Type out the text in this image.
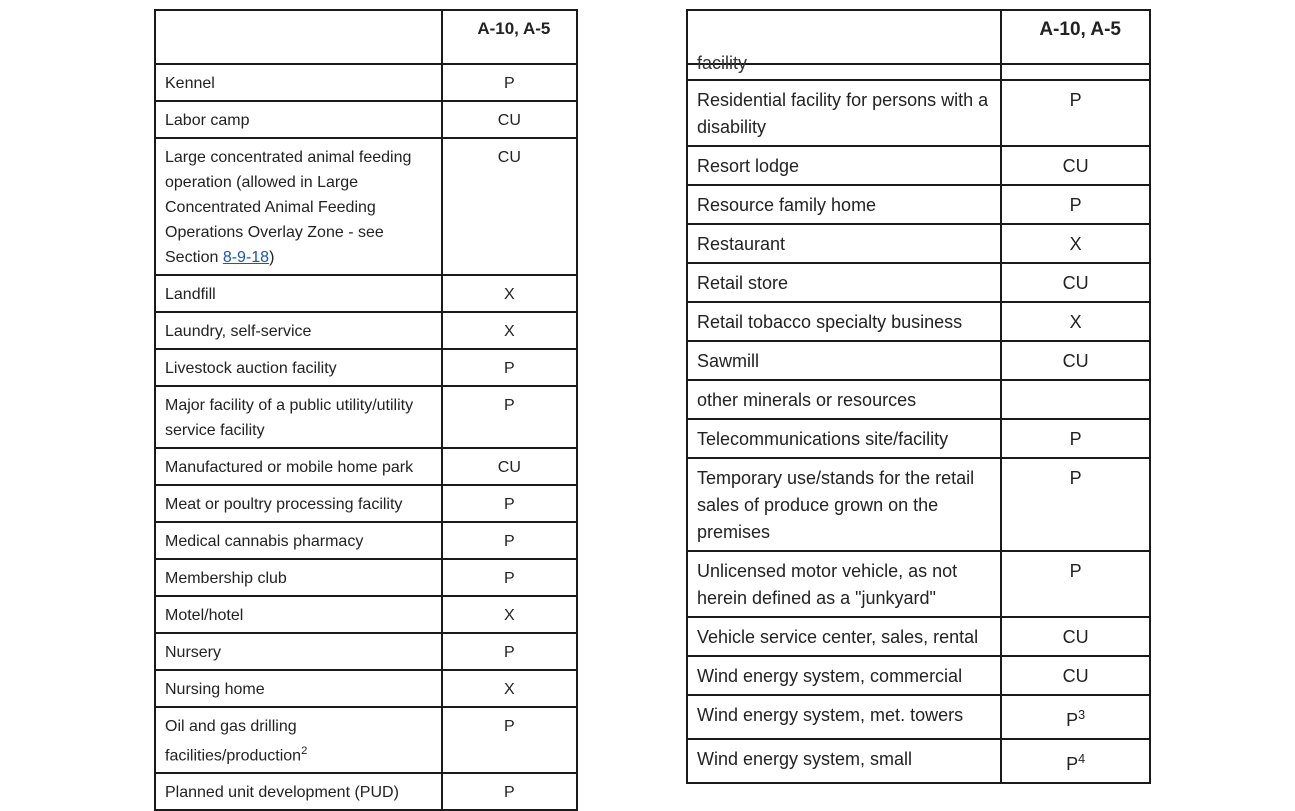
	A-10, A-5
Kennel	P
Labor camp	CU
Large concentrated animal feeding operation (allowed in Large Concentrated Animal Feeding Operations Overlay Zone - see Section 8-9-18)	CU
Landfill	X
Laundry, self-service	X
Livestock auction facility	P
Major facility of a public utility/utility service facility	P
Manufactured or mobile home park	CU
Meat or poultry processing facility	P
Medical cannabis pharmacy	P
Membership club	P
Motel/hotel	X
Nursery	P
Nursing home	X
Oil and gas drilling facilities/production$^2$	P
Planned unit development (PUD)	P
	A-10, A-5

facility	

Residential facility for persons with a disability	P
Resort lodge	CU
Resource family home	P
Restaurant	X
Retail store	CU
Retail tobacco specialty business	X
Sawmill	CU
other minerals or resources	
Telecommunications site/facility	P
Temporary use/stands for the retail sales of produce grown on the premises	P
Unlicensed motor vehicle, as not herein defined as a "junkyard"	P
Vehicle service center, sales, rental	CU
Wind energy system, commercial	CU
Wind energy system, met. towers	$P^3$
Wind energy system, small	$P^4$
